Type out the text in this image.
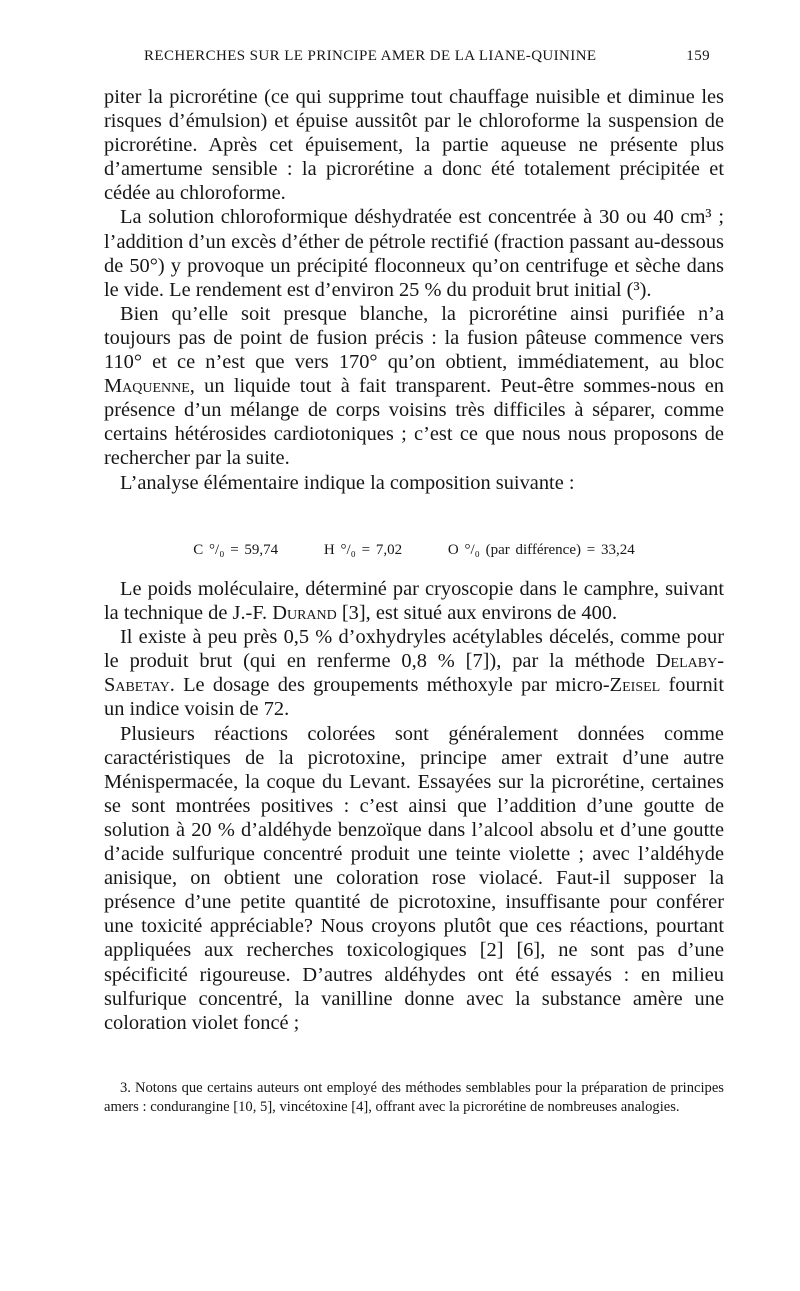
RECHERCHES SUR LE PRINCIPE AMER DE LA LIANE-QUININE	159

piter la picrorétine (ce qui supprime tout chauffage nuisible et diminue les risques d’émulsion) et épuise aussitôt par le chloroforme la suspension de picrorétine. Après cet épuisement, la partie aqueuse ne présente plus d’amertume sensible : la picrorétine a donc été totalement précipitée et cédée au chloroforme.

La solution chloroformique déshydratée est concentrée à 30 ou 40 cm³ ; l’addition d’un excès d’éther de pétrole rectifié (fraction passant au-dessous de 50°) y provoque un précipité floconneux qu’on centrifuge et sèche dans le vide. Le rendement est d’environ 25 % du produit brut initial (³).

Bien qu’elle soit presque blanche, la picrorétine ainsi purifiée n’a toujours pas de point de fusion précis : la fusion pâteuse commence vers 110° et ce n’est que vers 170° qu’on obtient, immédiatement, au bloc Maquenne, un liquide tout à fait transparent. Peut-être sommes-nous en présence d’un mélange de corps voisins très difficiles à séparer, comme certains hétérosides cardiotoniques ; c’est ce que nous nous proposons de rechercher par la suite.

L’analyse élémentaire indique la composition suivante :

C °/₀ = 59,74	H °/₀ = 7,02	O °/₀ (par différence) = 33,24

Le poids moléculaire, déterminé par cryoscopie dans le camphre, suivant la technique de J.-F. Durand [3], est situé aux environs de 400.

Il existe à peu près 0,5 % d’oxhydryles acétylables décelés, comme pour le produit brut (qui en renferme 0,8 % [7]), par la méthode Delaby-Sabetay. Le dosage des groupements méthoxyle par micro-Zeisel fournit un indice voisin de 72.

Plusieurs réactions colorées sont généralement données comme caractéristiques de la picrotoxine, principe amer extrait d’une autre Ménispermacée, la coque du Levant. Essayées sur la picrorétine, certaines se sont montrées positives : c’est ainsi que l’addition d’une goutte de solution à 20 % d’aldéhyde benzoïque dans l’alcool absolu et d’une goutte d’acide sulfurique concentré produit une teinte violette ; avec l’aldéhyde anisique, on obtient une coloration rose violacé. Faut-il supposer la présence d’une petite quantité de picrotoxine, insuffisante pour conférer une toxicité appréciable? Nous croyons plutôt que ces réactions, pourtant appliquées aux recherches toxicologiques [2] [6], ne sont pas d’une spécificité rigoureuse. D’autres aldéhydes ont été essayés : en milieu sulfurique concentré, la vanilline donne avec la substance amère une coloration violet foncé ;

3. Notons que certains auteurs ont employé des méthodes semblables pour la préparation de principes amers : condurangine [10, 5], vincétoxine [4], offrant avec la picrorétine de nombreuses analogies.
